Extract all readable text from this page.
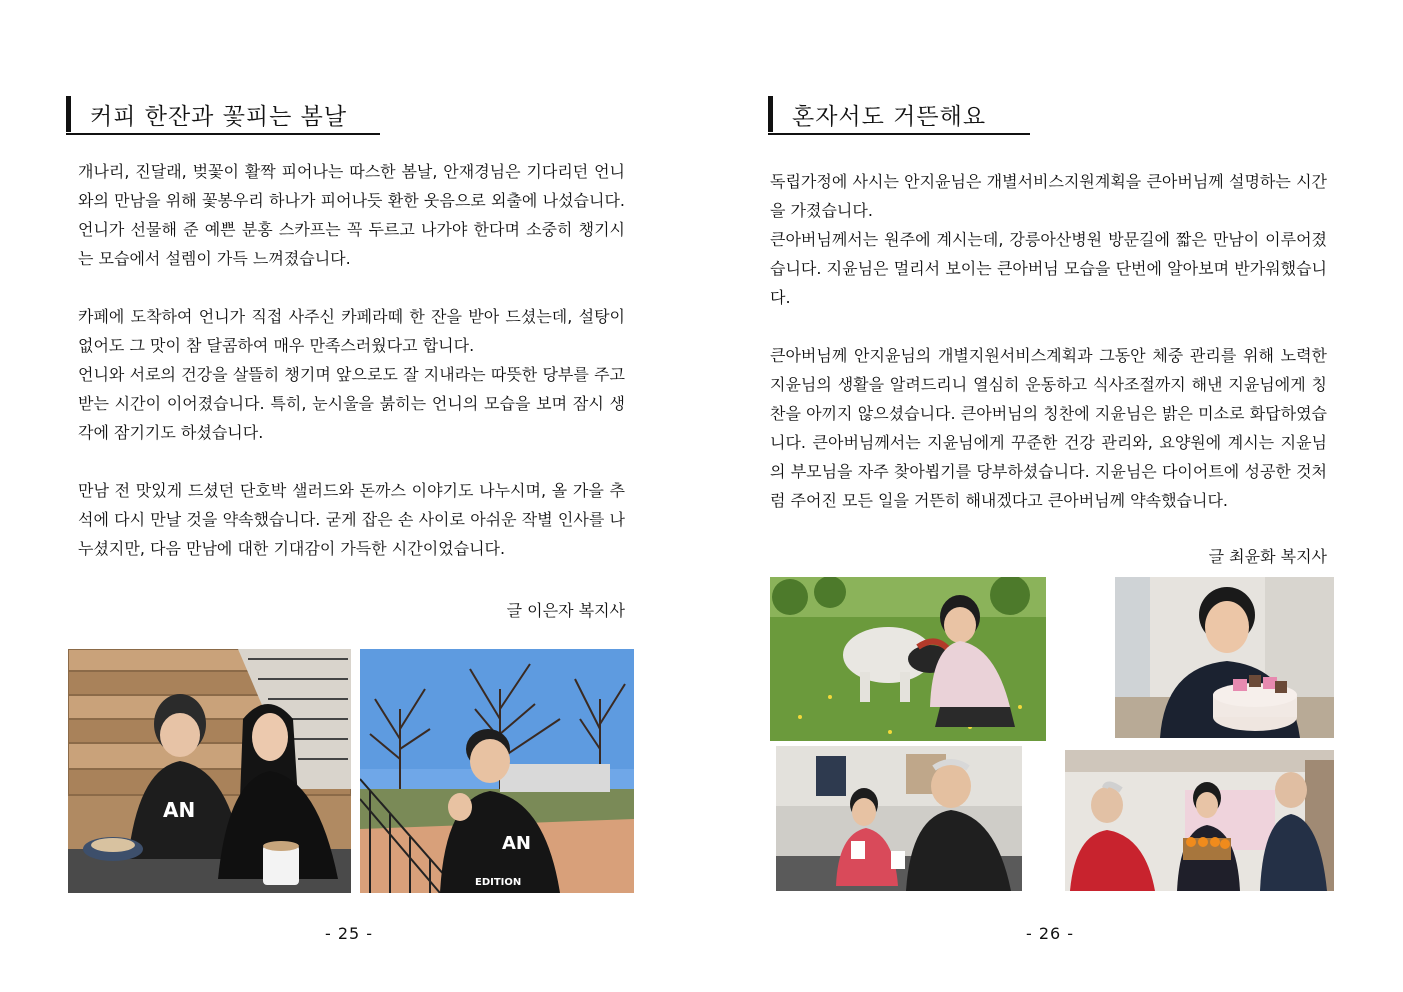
커피 한잔과 꽃피는 봄날

개나리, 진달래, 벚꽃이 활짝 피어나는 따스한 봄날, 안재경님은 기다리던 언니와의 만남을 위해 꽃봉우리 하나가 피어나듯 환한 웃음으로 외출에 나섰습니다. 언니가 선물해 준 예쁜 분홍 스카프는 꼭 두르고 나가야 한다며 소중히 챙기시는 모습에서 설렘이 가득 느껴졌습니다.

카페에 도착하여 언니가 직접 사주신 카페라떼 한 잔을 받아 드셨는데, 설탕이 없어도 그 맛이 참 달콤하여 매우 만족스러웠다고 합니다.

언니와 서로의 건강을 살뜰히 챙기며 앞으로도 잘 지내라는 따뜻한 당부를 주고받는 시간이 이어졌습니다. 특히, 눈시울을 붉히는 언니의 모습을 보며 잠시 생각에 잠기기도 하셨습니다.

만남 전 맛있게 드셨던 단호박 샐러드와 돈까스 이야기도 나누시며, 올 가을 추석에 다시 만날 것을 약속했습니다. 굳게 잡은 손 사이로 아쉬운 작별 인사를 나누셨지만, 다음 만남에 대한 기대감이 가득한 시간이었습니다.

글 이은자 복지사
AN
AN
EDITION
- 25 -
혼자서도 거뜬해요

독립가정에 사시는 안지윤님은 개별서비스지원계획을 큰아버님께 설명하는 시간을 가졌습니다.

큰아버님께서는 원주에 계시는데, 강릉아산병원 방문길에 짧은 만남이 이루어졌습니다. 지윤님은 멀리서 보이는 큰아버님 모습을 단번에 알아보며 반가워했습니다.

큰아버님께 안지윤님의 개별지원서비스계획과 그동안 체중 관리를 위해 노력한 지윤님의 생활을 알려드리니 열심히 운동하고 식사조절까지 해낸 지윤님에게 칭찬을 아끼지 않으셨습니다. 큰아버님의 칭찬에 지윤님은 밝은 미소로 화답하였습니다. 큰아버님께서는 지윤님에게 꾸준한 건강 관리와, 요양원에 계시는 지윤님의 부모님을 자주 찾아뵙기를 당부하셨습니다. 지윤님은 다이어트에 성공한 것처럼 주어진 모든 일을 거뜬히 해내겠다고 큰아버님께 약속했습니다.

글 최윤화 복지사
- 26 -
